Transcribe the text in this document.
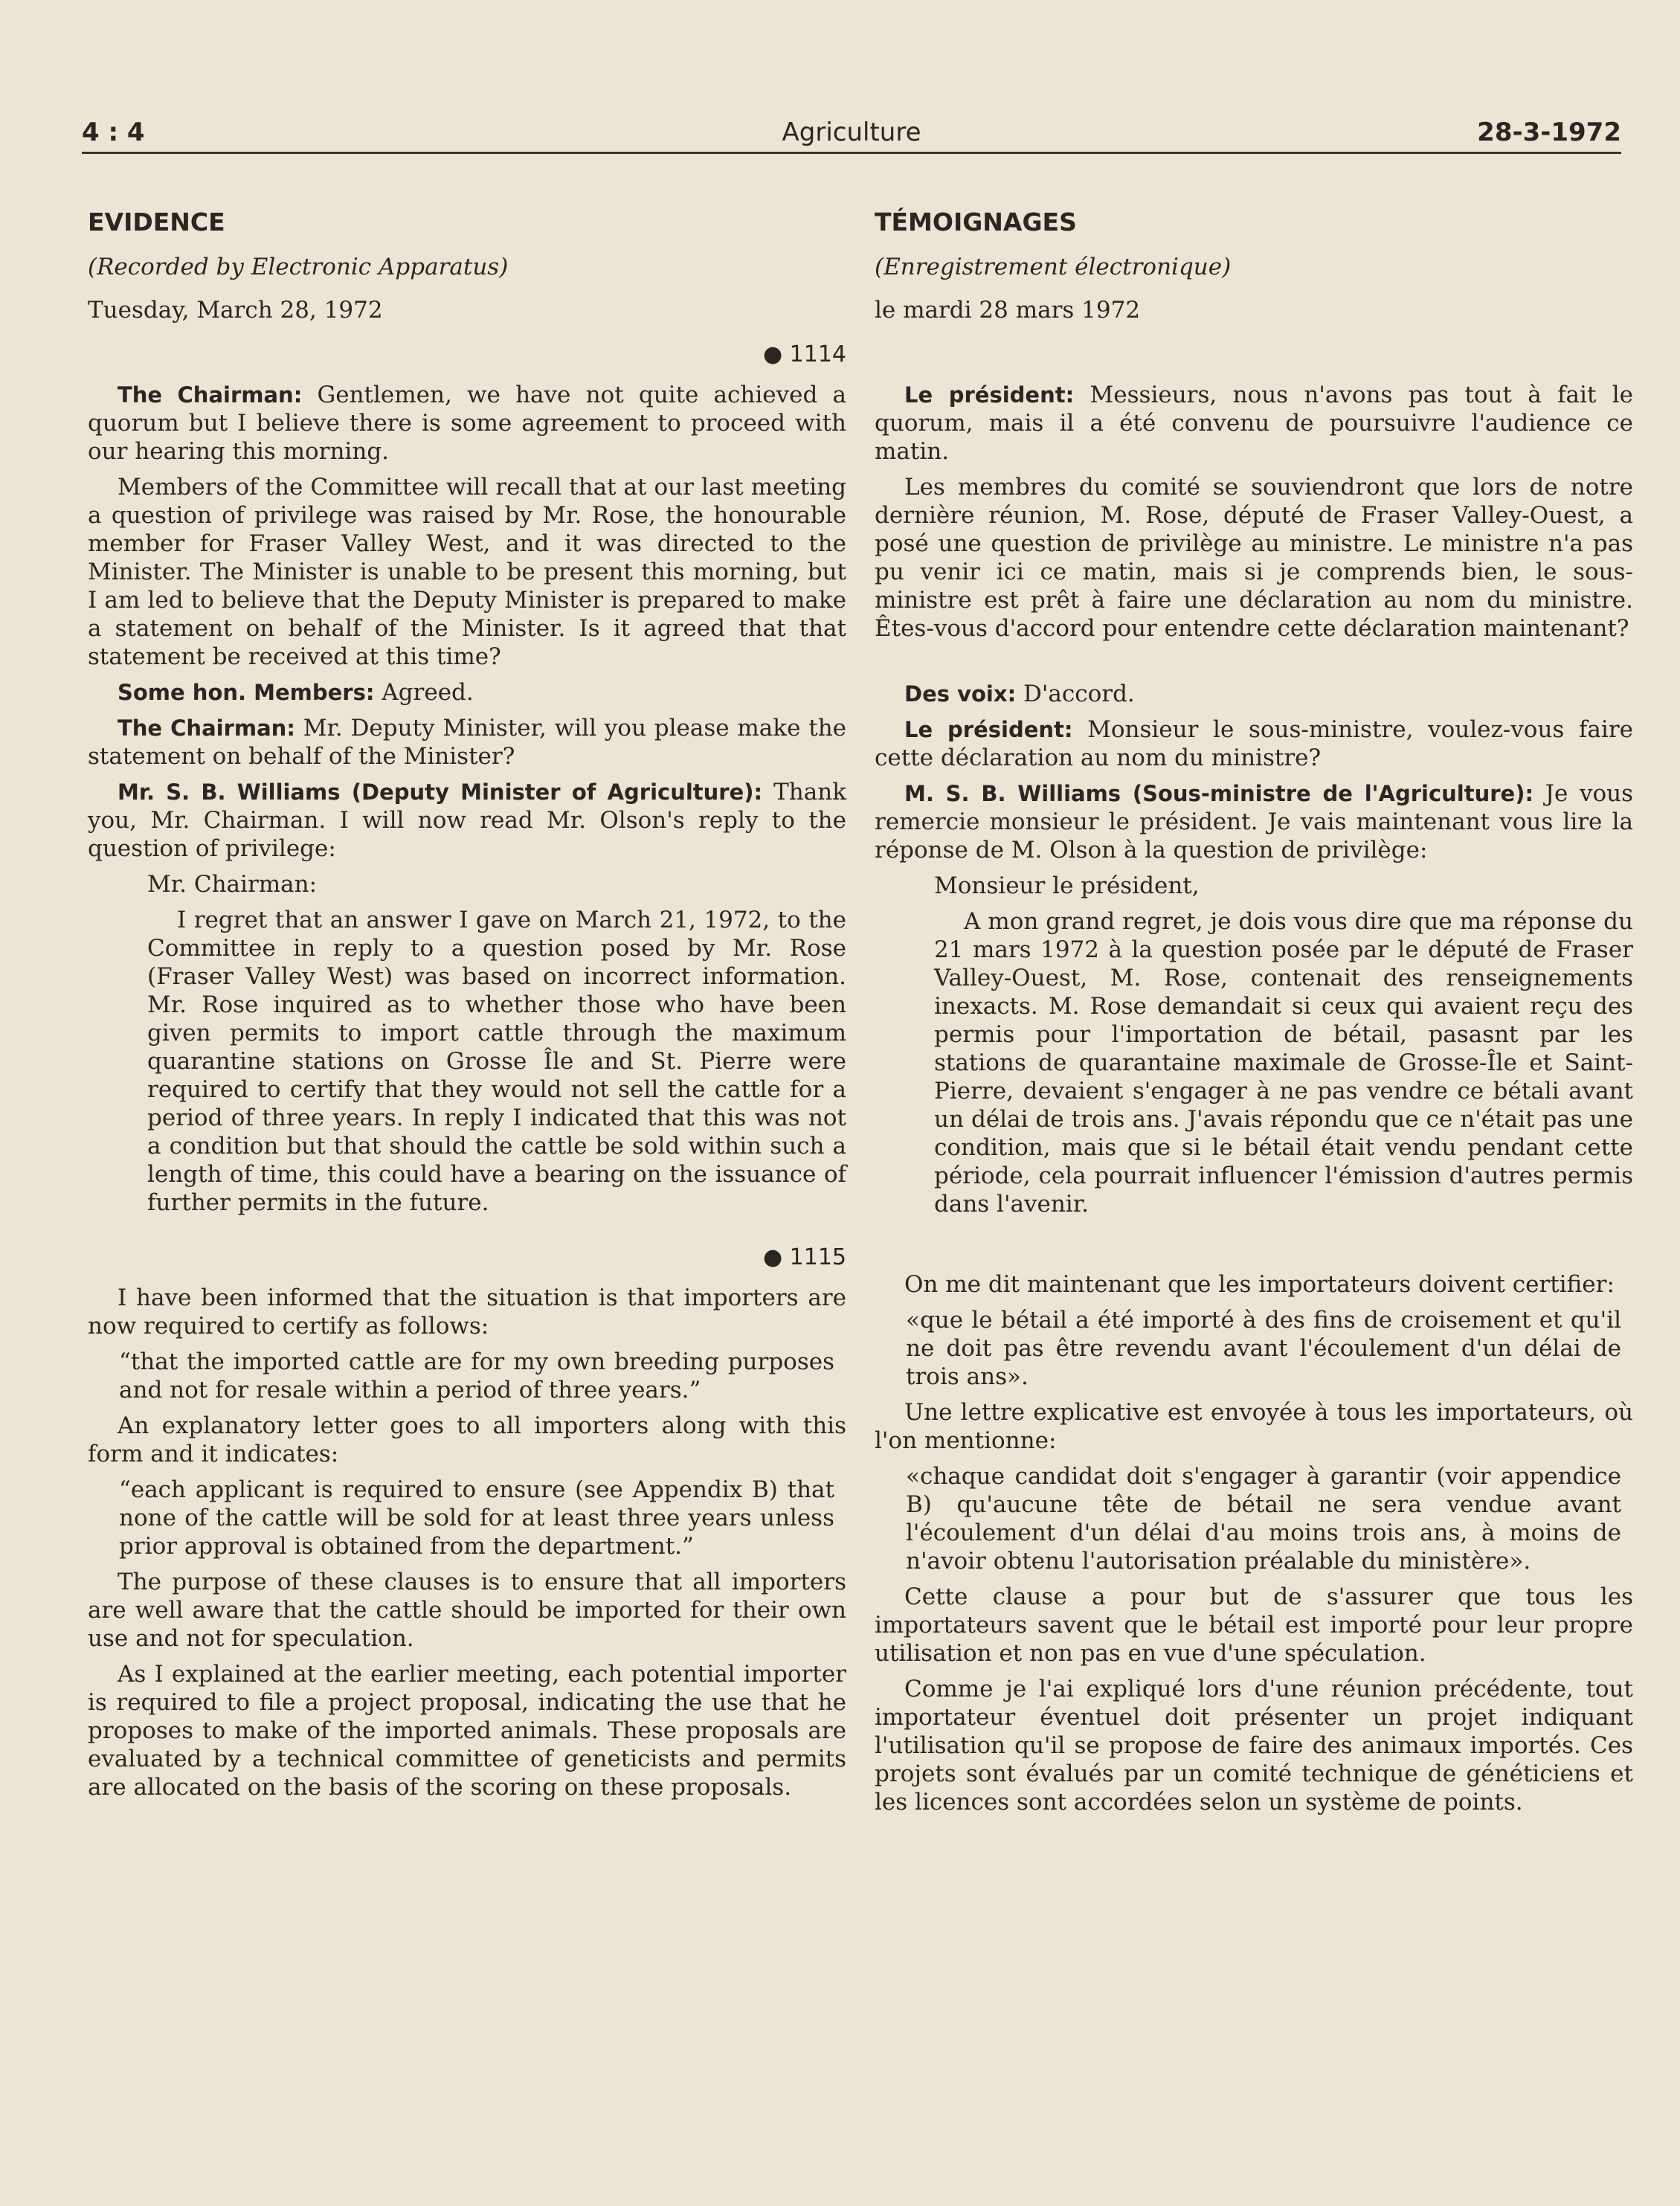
4 : 4	Agriculture	28-3-1972
EVIDENCE
(Recorded by Electronic Apparatus)
Tuesday, March 28, 1972
● 1114

The Chairman: Gentlemen, we have not quite achieved a quorum but I believe there is some agreement to proceed with our hearing this morning.

Members of the Committee will recall that at our last meeting a question of privilege was raised by Mr. Rose, the honourable member for Fraser Valley West, and it was directed to the Minister. The Minister is unable to be present this morning, but I am led to believe that the Deputy Minister is prepared to make a statement on behalf of the Minister. Is it agreed that that statement be received at this time?

Some hon. Members: Agreed.

The Chairman: Mr. Deputy Minister, will you please make the statement on behalf of the Minister?

Mr. S. B. Williams (Deputy Minister of Agriculture): Thank you, Mr. Chairman. I will now read Mr. Olson's reply to the question of privilege:

Mr. Chairman:

I regret that an answer I gave on March 21, 1972, to the Committee in reply to a question posed by Mr. Rose (Fraser Valley West) was based on incorrect information. Mr. Rose inquired as to whether those who have been given permits to import cattle through the maximum quarantine stations on Grosse Île and St. Pierre were required to certify that they would not sell the cattle for a period of three years. In reply I indicated that this was not a condition but that should the cattle be sold within such a length of time, this could have a bearing on the issuance of further permits in the future.

● 1115

I have been informed that the situation is that importers are now required to certify as follows:

“that the imported cattle are for my own breeding purposes and not for resale within a period of three years.”

An explanatory letter goes to all importers along with this form and it indicates:

“each applicant is required to ensure (see Appendix B) that none of the cattle will be sold for at least three years unless prior approval is obtained from the department.”

The purpose of these clauses is to ensure that all importers are well aware that the cattle should be imported for their own use and not for speculation.

As I explained at the earlier meeting, each potential importer is required to file a project proposal, indicating the use that he proposes to make of the imported animals. These proposals are evaluated by a technical committee of geneticists and permits are allocated on the basis of the scoring on these proposals.

TÉMOIGNAGES
(Enregistrement électronique)
le mardi 28 mars 1972

Le président: Messieurs, nous n'avons pas tout à fait le quorum, mais il a été convenu de poursuivre l'audience ce matin.

Les membres du comité se souviendront que lors de notre dernière réunion, M. Rose, député de Fraser Valley-Ouest, a posé une question de privilège au ministre. Le ministre n'a pas pu venir ici ce matin, mais si je comprends bien, le sous-ministre est prêt à faire une déclaration au nom du ministre. Êtes-vous d'accord pour entendre cette déclaration maintenant?

Des voix: D'accord.

Le président: Monsieur le sous-ministre, voulez-vous faire cette déclaration au nom du ministre?

M. S. B. Williams (Sous-ministre de l'Agriculture): Je vous remercie monsieur le président. Je vais maintenant vous lire la réponse de M. Olson à la question de privilège:

Monsieur le président,

A mon grand regret, je dois vous dire que ma réponse du 21 mars 1972 à la question posée par le député de Fraser Valley-Ouest, M. Rose, contenait des renseignements inexacts. M. Rose demandait si ceux qui avaient reçu des permis pour l'importation de bétail, pasasnt par les stations de quarantaine maximale de Grosse-Île et Saint-Pierre, devaient s'engager à ne pas vendre ce bétali avant un délai de trois ans. J'avais répondu que ce n'était pas une condition, mais que si le bétail était vendu pendant cette période, cela pourrait influencer l'émission d'autres permis dans l'avenir.

On me dit maintenant que les importateurs doivent certifier:

«que le bétail a été importé à des fins de croisement et qu'il ne doit pas être revendu avant l'écoulement d'un délai de trois ans».

Une lettre explicative est envoyée à tous les importateurs, où l'on mentionne:

«chaque candidat doit s'engager à garantir (voir appendice B) qu'aucune tête de bétail ne sera vendue avant l'écoulement d'un délai d'au moins trois ans, à moins de n'avoir obtenu l'autorisation préalable du ministère».

Cette clause a pour but de s'assurer que tous les importateurs savent que le bétail est importé pour leur propre utilisation et non pas en vue d'une spéculation.

Comme je l'ai expliqué lors d'une réunion précédente, tout importateur éventuel doit présenter un projet indiquant l'utilisation qu'il se propose de faire des animaux importés. Ces projets sont évalués par un comité technique de généticiens et les licences sont accordées selon un système de points.
